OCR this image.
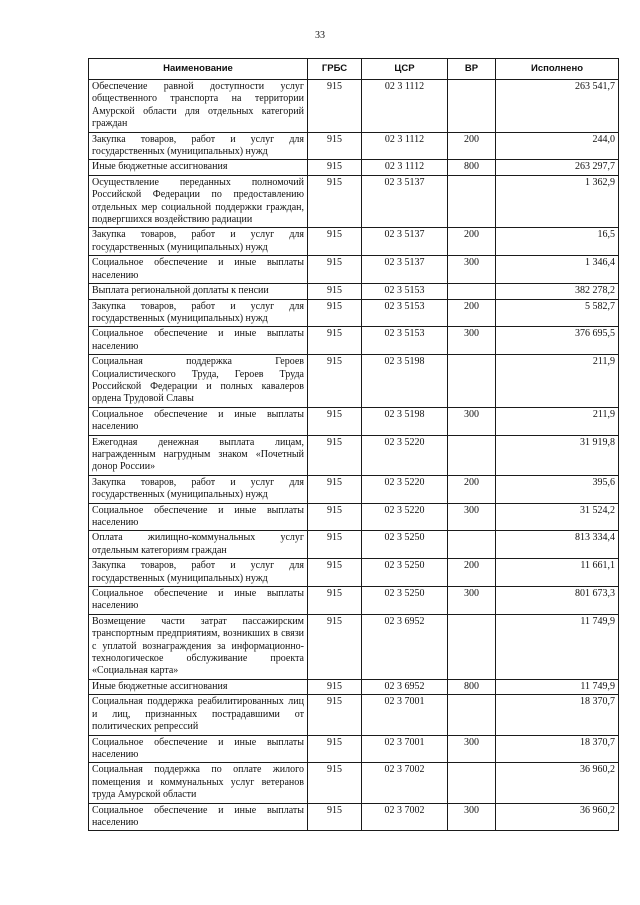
33
Наименование	ГРБС	ЦСР	ВР	Исполнено
Обеспечение равной доступности услуг общественного транспорта на территории Амурской области для отдельных категорий граждан	915	02 3 1112		263 541,7
Закупка товаров, работ и услуг для государственных (муниципальных) нужд	915	02 3 1112	200	244,0
Иные бюджетные ассигнования	915	02 3 1112	800	263 297,7
Осуществление переданных полномочий Российской Федерации по предоставлению отдельных мер социальной поддержки граждан, подвергшихся воздействию радиации	915	02 3 5137		1 362,9
Закупка товаров, работ и услуг для государственных (муниципальных) нужд	915	02 3 5137	200	16,5
Социальное обеспечение и иные выплаты населению	915	02 3 5137	300	1 346,4
Выплата региональной доплаты к пенсии	915	02 3 5153		382 278,2
Закупка товаров, работ и услуг для государственных (муниципальных) нужд	915	02 3 5153	200	5 582,7
Социальное обеспечение и иные выплаты населению	915	02 3 5153	300	376 695,5
Социальная поддержка Героев Социалистического Труда, Героев Труда Российской Федерации и полных кавалеров ордена Трудовой Славы	915	02 3 5198		211,9
Социальное обеспечение и иные выплаты населению	915	02 3 5198	300	211,9
Ежегодная денежная выплата лицам, награжденным нагрудным знаком «Почетный донор России»	915	02 3 5220		31 919,8
Закупка товаров, работ и услуг для государственных (муниципальных) нужд	915	02 3 5220	200	395,6
Социальное обеспечение и иные выплаты населению	915	02 3 5220	300	31 524,2
Оплата жилищно-коммунальных услуг отдельным категориям граждан	915	02 3 5250		813 334,4
Закупка товаров, работ и услуг для государственных (муниципальных) нужд	915	02 3 5250	200	11 661,1
Социальное обеспечение и иные выплаты населению	915	02 3 5250	300	801 673,3
Возмещение части затрат пассажирским транспортным предприятиям, возникших в связи с уплатой вознаграждения за информационно-технологическое обслуживание проекта «Социальная карта»	915	02 3 6952		11 749,9
Иные бюджетные ассигнования	915	02 3 6952	800	11 749,9
Социальная поддержка реабилитированных лиц и лиц, признанных пострадавшими от политических репрессий	915	02 3 7001		18 370,7
Социальное обеспечение и иные выплаты населению	915	02 3 7001	300	18 370,7
Социальная поддержка по оплате жилого помещения и коммунальных услуг ветеранов труда Амурской области	915	02 3 7002		36 960,2
Социальное обеспечение и иные выплаты населению	915	02 3 7002	300	36 960,2
